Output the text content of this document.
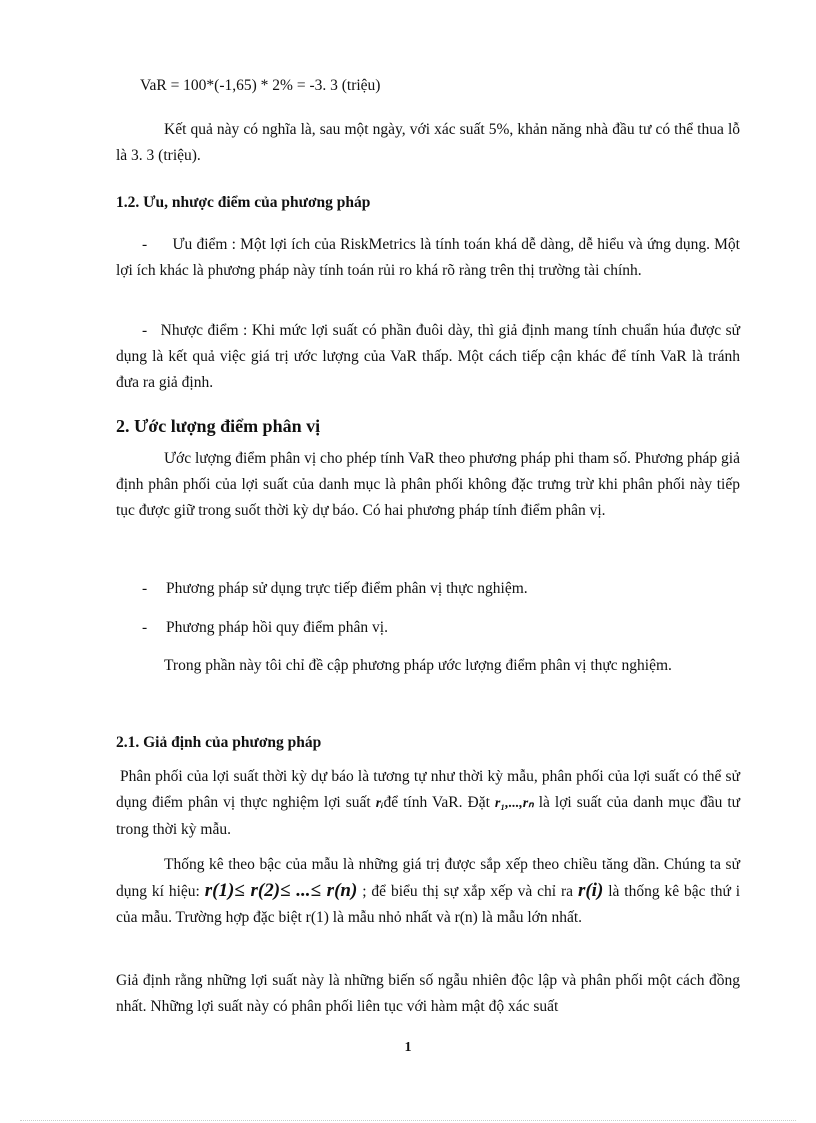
VaR = 100*(-1,65) * 2% = -3. 3 (triệu)

Kết quả này có nghĩa là, sau một ngày, với xác suất 5%, khản năng nhà đầu tư có thể thua lỗ là 3. 3 (triệu).

1.2. Ưu, nhược điểm của phương pháp

- Ưu điểm : Một lợi ích của RiskMetrics là tính toán khá dễ dàng, dễ hiểu và ứng dụng. Một lợi ích khác là phương pháp này tính toán rủi ro khá rõ ràng trên thị trường tài chính.

- Nhược điểm : Khi mức lợi suất có phần đuôi dày, thì giả định mang tính chuẩn húa được sử dụng là kết quả việc giá trị ước lượng của VaR thấp. Một cách tiếp cận khác để tính VaR là tránh đưa ra giả định.

2. Ước lượng điểm phân vị

Ước lượng điểm phân vị cho phép tính VaR theo phương pháp phi tham số. Phương pháp giả định phân phối của lợi suất của danh mục là phân phối không đặc trưng trừ khi phân phối này tiếp tục được giữ trong suốt thời kỳ dự báo. Có hai phương pháp tính điểm phân vị.

- Phương pháp sử dụng trực tiếp điểm phân vị thực nghiệm.
- Phương pháp hồi quy điểm phân vị.

Trong phần này tôi chỉ đề cập phương pháp ước lượng điểm phân vị thực nghiệm.

2.1. Giả định của phương pháp

Phân phối của lợi suất thời kỳ dự báo là tương tự như thời kỳ mẫu, phân phối của lợi suất có thể sử dụng điểm phân vị thực nghiệm lợi suất rᵢđể tính VaR. Đặt r₁,...,rₙ là lợi suất của danh mục đầu tư trong thời kỳ mẫu.

Thống kê theo bậc của mẫu là những giá trị được sắp xếp theo chiều tăng dần. Chúng ta sử dụng kí hiệu: r(1)≤ r(2)≤ ...≤ r(n) ; để biểu thị sự xắp xếp và chỉ ra r(i) là thống kê bậc thứ i của mẫu. Trường hợp đặc biệt r(1) là mẫu nhỏ nhất và r(n) là mẫu lớn nhất.

Giả định rằng những lợi suất này là những biến số ngẫu nhiên độc lập và phân phối một cách đồng nhất. Những lợi suất này có phân phối liên tục với hàm mật độ xác suất

1
